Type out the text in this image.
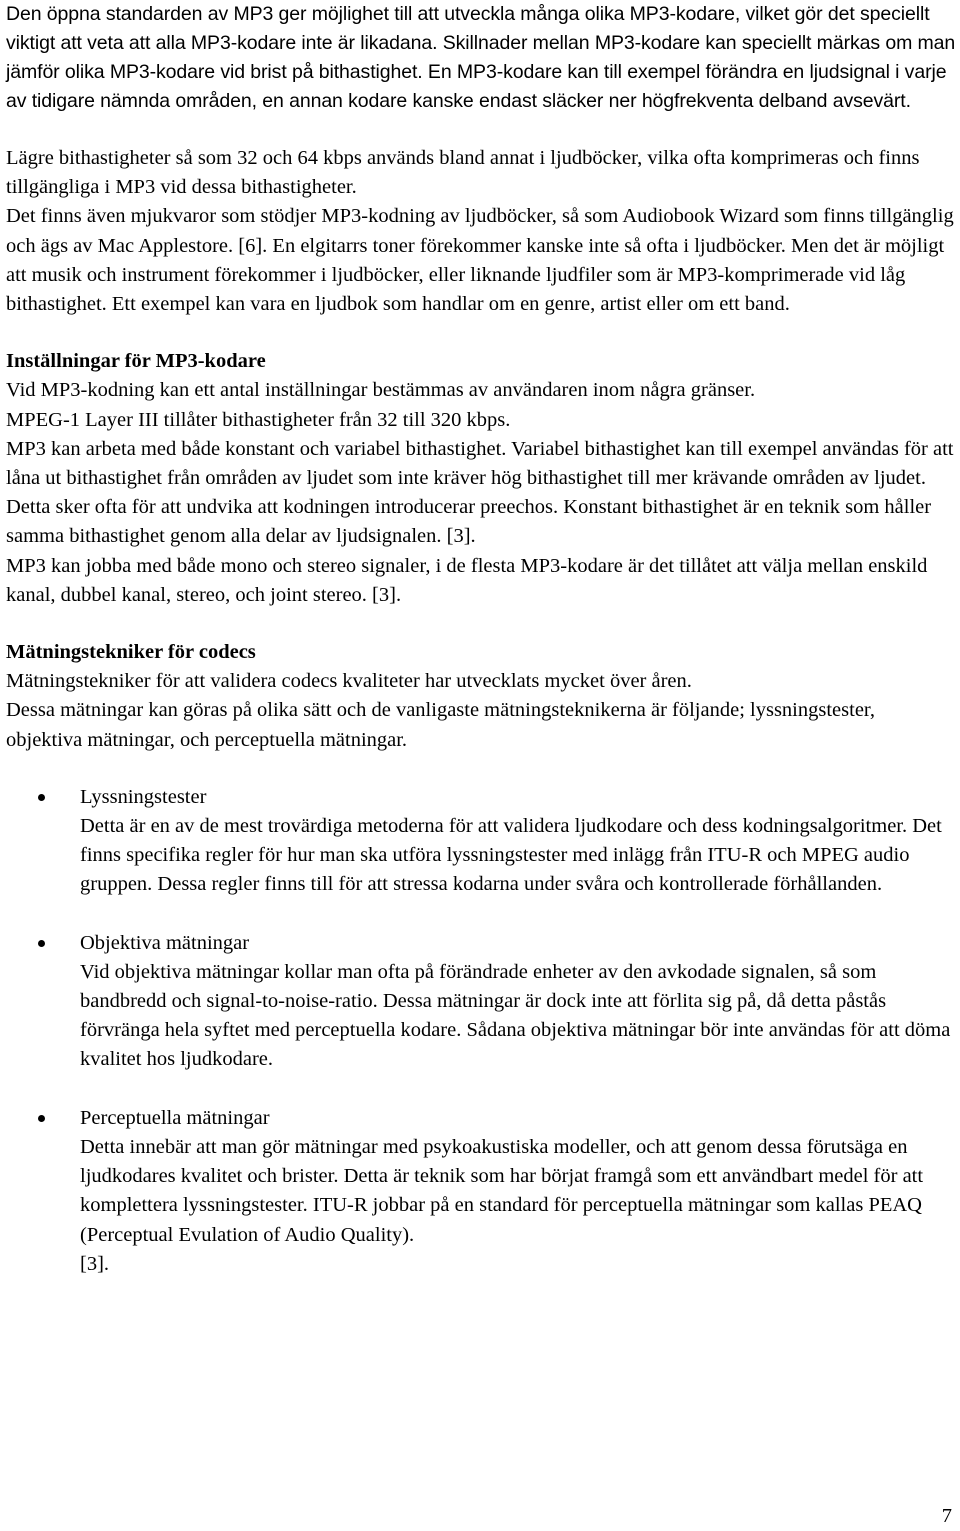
Den öppna standarden av MP3 ger möjlighet till att utveckla många olika MP3-kodare, vilket gör det speciellt viktigt att veta att alla MP3-kodare inte är likadana. Skillnader mellan MP3-kodare kan speciellt märkas om man jämför olika MP3-kodare vid brist på bithastighet. En MP3-kodare kan till exempel förändra en ljudsignal i varje av tidigare nämnda områden, en annan kodare kanske endast släcker ner högfrekventa delband avsevärt.

Lägre bithastigheter så som 32 och 64 kbps används bland annat i ljudböcker, vilka ofta komprimeras och finns tillgängliga i MP3 vid dessa bithastigheter.

Det finns även mjukvaror som stödjer MP3-kodning av ljudböcker, så som Audiobook Wizard som finns tillgänglig och ägs av Mac Applestore. [6]. En elgitarrs toner förekommer kanske inte så ofta i ljudböcker. Men det är möjligt att musik och instrument förekommer i ljudböcker, eller liknande ljudfiler som är MP3-komprimerade vid låg bithastighet. Ett exempel kan vara en ljudbok som handlar om en genre, artist eller om ett band.

Inställningar för MP3-kodare

Vid MP3-kodning kan ett antal inställningar bestämmas av användaren inom några gränser.

MPEG-1 Layer III tillåter bithastigheter från 32 till 320 kbps.

MP3 kan arbeta med både konstant och variabel bithastighet. Variabel bithastighet kan till exempel användas för att låna ut bithastighet från områden av ljudet som inte kräver hög bithastighet till mer krävande områden av ljudet. Detta sker ofta för att undvika att kodningen introducerar preechos. Konstant bithastighet är en teknik som håller samma bithastighet genom alla delar av ljudsignalen. [3].

MP3 kan jobba med både mono och stereo signaler, i de flesta MP3-kodare är det tillåtet att välja mellan enskild kanal, dubbel kanal, stereo, och joint stereo. [3].

Mätningstekniker för codecs

Mätningstekniker för att validera codecs kvaliteter har utvecklats mycket över åren.

Dessa mätningar kan göras på olika sätt och de vanligaste mätningsteknikerna är följande; lyssningstester, objektiva mätningar, och perceptuella mätningar.

Lyssningstester

Detta är en av de mest trovärdiga metoderna för att validera ljudkodare och dess kodningsalgoritmer. Det finns specifika regler för hur man ska utföra lyssningstester med inlägg från ITU-R och MPEG audio gruppen. Dessa regler finns till för att stressa kodarna under svåra och kontrollerade förhållanden.

Objektiva mätningar

Vid objektiva mätningar kollar man ofta på förändrade enheter av den avkodade signalen, så som bandbredd och signal-to-noise-ratio. Dessa mätningar är dock inte att förlita sig på, då detta påstås förvränga hela syftet med perceptuella kodare. Sådana objektiva mätningar bör inte användas för att döma kvalitet hos ljudkodare.

Perceptuella mätningar

Detta innebär att man gör mätningar med psykoakustiska modeller, och att genom dessa förutsäga en ljudkodares kvalitet och brister. Detta är teknik som har börjat framgå som ett användbart medel för att komplettera lyssningstester. ITU-R jobbar på en standard för perceptuella mätningar som kallas PEAQ (Perceptual Evulation of Audio Quality).

[3].

7
